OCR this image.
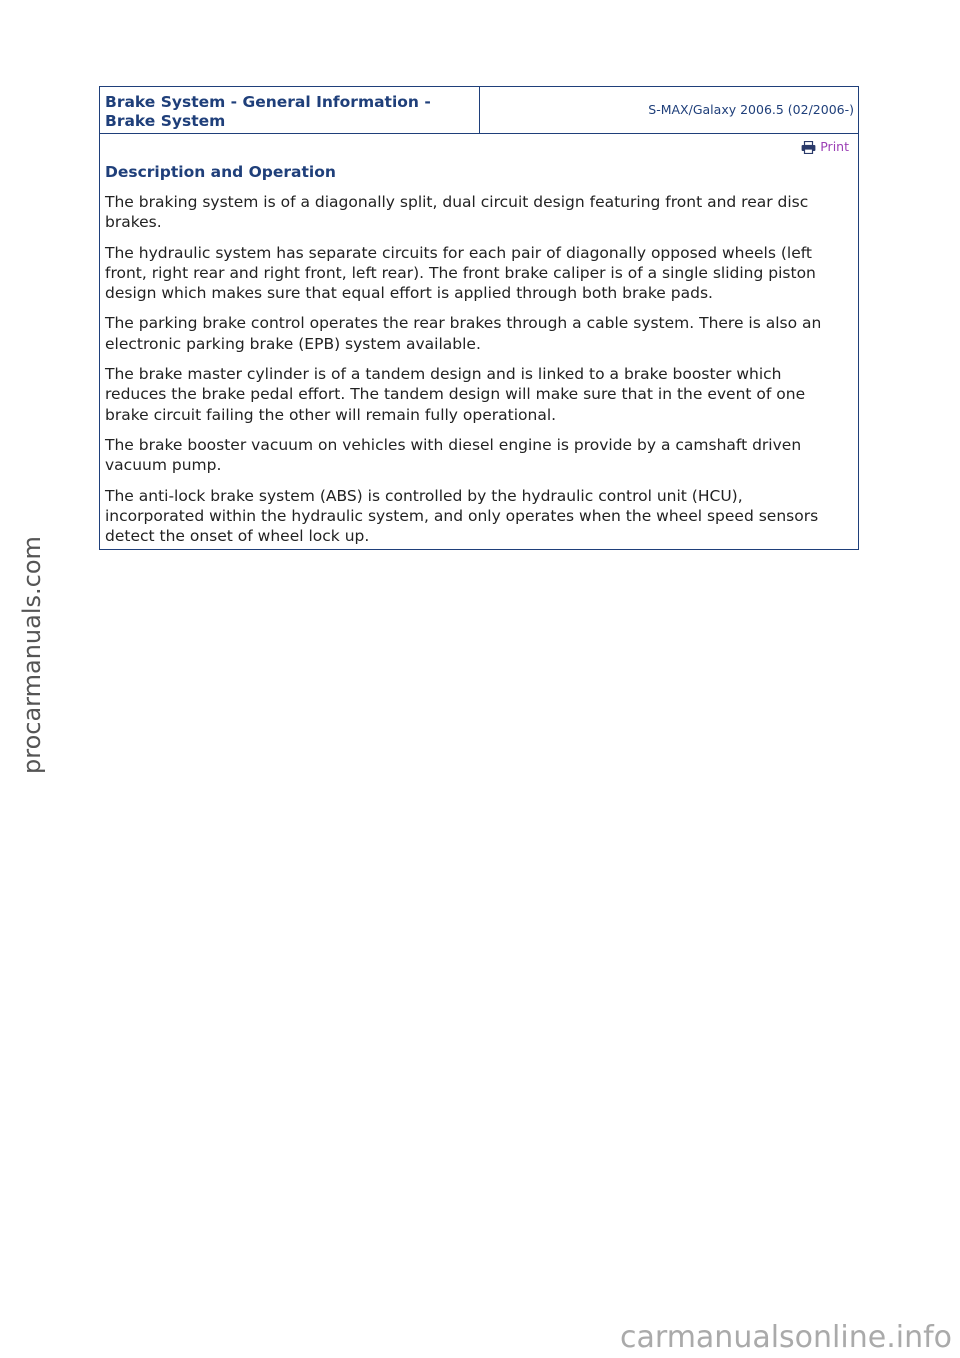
Brake System - General Information - Brake System
S-MAX/Galaxy 2006.5 (02/2006-)
Print
Description and Operation

The braking system is of a diagonally split, dual circuit design featuring front and rear disc brakes.

The hydraulic system has separate circuits for each pair of diagonally opposed wheels (left front, right rear and right front, left rear). The front brake caliper is of a single sliding piston design which makes sure that equal effort is applied through both brake pads.

The parking brake control operates the rear brakes through a cable system. There is also an electronic parking brake (EPB) system available.

The brake master cylinder is of a tandem design and is linked to a brake booster which reduces the brake pedal effort. The tandem design will make sure that in the event of one brake circuit failing the other will remain fully operational.

The brake booster vacuum on vehicles with diesel engine is provide by a camshaft driven vacuum pump.

The anti-lock brake system (ABS) is controlled by the hydraulic control unit (HCU), incorporated within the hydraulic system, and only operates when the wheel speed sensors detect the onset of wheel lock up.

procarmanuals.com
carmanualsonline.info
